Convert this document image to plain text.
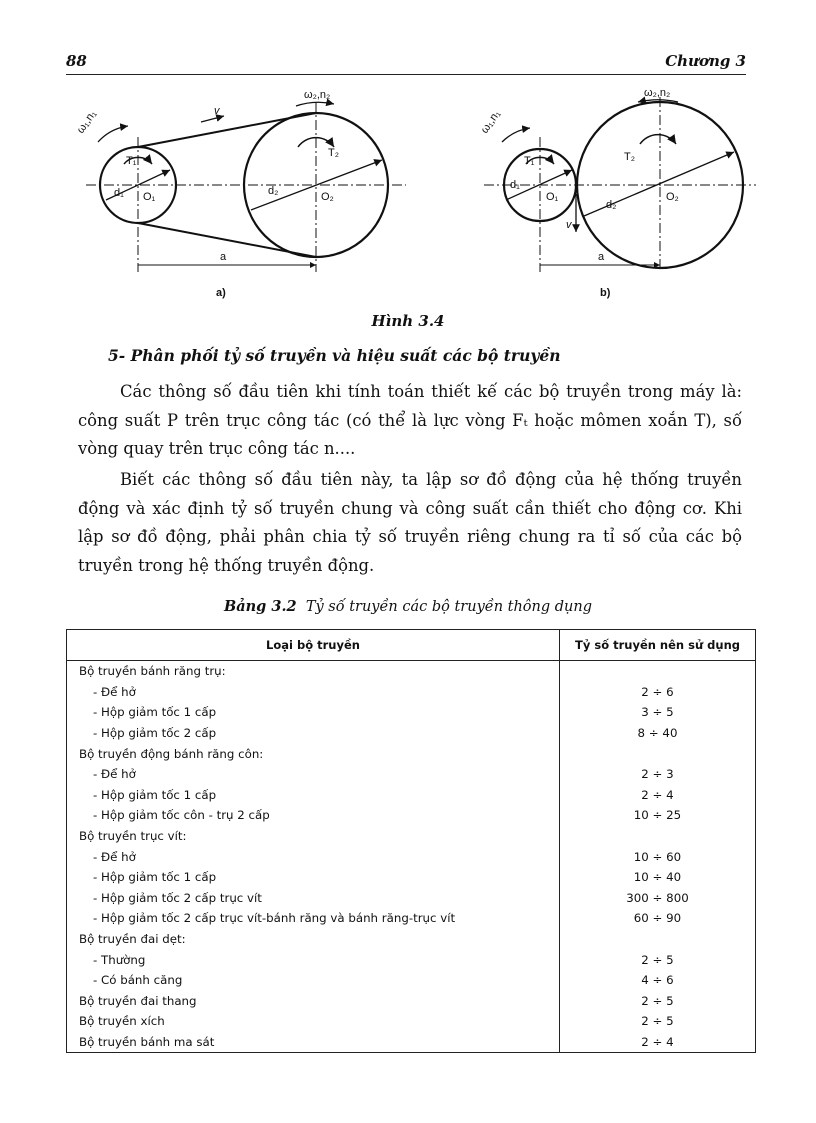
88	Chương 3
v
ω₁,n₁
ω₂,n₂
T₁
T₂
d₁	d₂
O₁	O₂
a
a)
v
ω₁,n₁
ω₂,n₂
T₁	T₂
d₁
d₂
O₁	O₂
a
b)
Hình 3.4
5- Phân phối tỷ số truyền và hiệu suất các bộ truyền
Các thông số đầu tiên khi tính toán thiết kế các bộ truyền trong máy là: công suất P trên trục công tác (có thể là lực vòng Fₜ hoặc mômen xoắn T), số vòng quay trên trục công tác n....
Biết các thông số đầu tiên này, ta lập sơ đồ động của hệ thống truyền động và xác định tỷ số truyền chung và công suất cần thiết cho động cơ. Khi lập sơ đồ động, phải phân chia tỷ số truyền riêng chung ra tỉ số của các bộ truyền trong hệ thống truyền động.
Bảng 3.2 Tỷ số truyền các bộ truyền thông dụng
Loại bộ truyền	Tỷ số truyền nên sử dụng
Bộ truyền bánh răng trụ:	
- Để hở	2 ÷ 6
- Hộp giảm tốc 1 cấp	3 ÷ 5
- Hộp giảm tốc 2 cấp	8 ÷ 40
Bộ truyền động bánh răng côn:	
- Để hở	2 ÷ 3
- Hộp giảm tốc 1 cấp	2 ÷ 4
- Hộp giảm tốc côn - trụ 2 cấp	10 ÷ 25
Bộ truyền trục vít:	
- Để hở	10 ÷ 60
- Hộp giảm tốc 1 cấp	10 ÷ 40
- Hộp giảm tốc 2 cấp trục vít	300 ÷ 800
- Hộp giảm tốc 2 cấp trục vít-bánh răng và bánh răng-trục vít	60 ÷ 90
Bộ truyền đai dẹt:	
- Thường	2 ÷ 5
- Có bánh căng	4 ÷ 6
Bộ truyền đai thang	2 ÷ 5
Bộ truyền xích	2 ÷ 5
Bộ truyền bánh ma sát	2 ÷ 4
